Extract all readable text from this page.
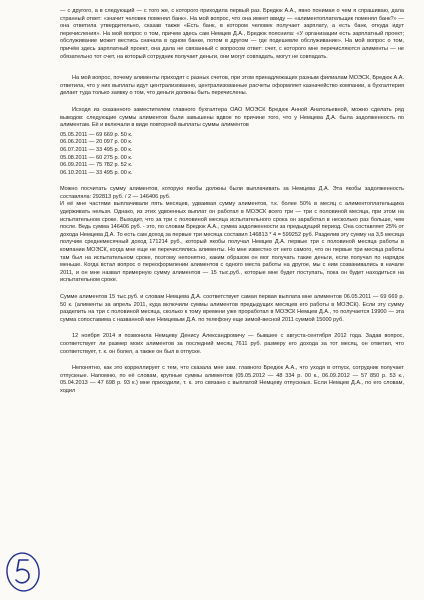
— с другого, а в следующий — с того же, с которого приходила первый раз. Бредюк А.А., явно понимая о чем я спрашиваю, дала странный ответ: «значит человек поменял банк». На мой вопрос, что она имеет ввиду — «алиментоплательщик поменял банк?» — она ответила утвердительно, сказав также «Есть банк, в котором человек получает зарплату, а есть банк, откуда идут перечисления». На мой вопрос о том, причем здесь сам Немцев Д.А., Бредюк пояснила: «У организации есть зарплатный проект; обслуживание может вестись сначала в одном банке, потом в другом — где подешевле обслуживание». На мой вопрос о том, причём здесь зарплатный проект, она дала не связанный с вопросом ответ: счет, с которого мне перечисляются алименты — не обязательно тот счет, на который сотрудник получает деньги, они могут совпадать, могут не совпадать.

На мой вопрос, почему алименты приходят с разных счетов, при этом принадлежащих разным филиалам МОЭСК, Бредюк А.А. ответила, что у них выплаты идут централизованно, централизованные расчеты оформляет казначейство компании, а бухгалтерия делает туда только заявку о том, что деньги должны быть перечислены.

Исходя из сказанного заместителем главного бухгалтера ОАО МОЭСК Бредюк Анной Анатольевной, можно сделать ряд выводов: следующие суммы алиментов были завышены вдвое по причине того, что у Немцева Д.А. была задолженность по алиментам. Её и включали в виде повторной выплаты суммы алиментов

05.05.2011 — 69 669 р. 50 к.
06.06.2011 — 20 097 р. 00 к.
06.07.2011 — 33 495 р. 00 к.
05.08.2011 — 60 275 р. 00 к.
06.09.2011 — 75 782 р. 52 к.
06.10.2011 — 33 495 р. 00 к.

Можно посчитать сумму алиментов, которую якобы должны были выплачивать за Немцева Д.А. Эта якобы задолженность составляла: 292813 руб. / 2 — 146406 руб.

И её мне частями выплачивали пять месяцев, удваивая сумму алиментов, т.к. более 50% в месяц с алиментоплательщика удерживать нельзя. Однако, из этих удвоенных выплат он работал в МОЭСК всего три — три с половиной месяца, при этом на испытательном сроке. Выходит, что за три с половиной месяца испытательного срока он заработал в несколько раз больше, чем после. Ведь сумма 146406 руб. - это, по словам Бредюк А.А., сумма задолженности за предыдущий период. Она составляет 25% от дохода Немцева Д.А. То есть сам доход за первые три месяца составил 146813 * 4 = 599252 руб. Разделив эту сумму на 3,5 месяца получим среднемесячный доход 171214 руб., который якобы получал Немцев Д.А. первые три с половиной месяца работы в компании МОЭСК, когда мне еще не перечислялись алименты. Но мне известно от него самого, что он первые три месяца работы там был на испытательном сроке, поэтому непонятно, каким образом он мог получать такие деньги, если получал по нарядок меньше. Когда встал вопрос о переоформлении алиментов с одного места работы на другое, мы с ним созванивались в начале 2011, и он мне назвал примерную сумму алиментов — 15 тыс.руб., которые мне будет поступать, пока он будет находиться на испытательном сроке.

Сумме алиментов 15 тыс.руб. и словам Немцева Д.А. соответствует самая первая выплата мне алиментов 06.05.2011 — 69 669 р. 50 к. (алименты за апрель 2011, куда включили суммы алиментов предыдущих месяцев его работы в МОЭСК). Если эту сумму разделить на три с половиной месяца, сколько к тому времени уже проработал в МОЭСК Немцев Д.А., то получается 19900 — эта сумма сопоставима с названной мне Немцевым Д.А. по телефону еще зимой-весной 2011 суммой 15000 руб.

12 ноября 2014 я позвонила Немцеву Денису Александровичу — бывшее с августа-сентября 2012 года. Задав вопрос, соответствует ли размер моих алиментов за последний месяц 7611 руб. размеру его дохода за тот месяц, он ответил, что соответствует, т. к. он болел, а также он был в отпуске.

Непонятно, как это корреллирует с тем, что сказала мне зам. главного Бредюк А.А., что уходя в отпуск, сотрудник получает отпускные. Напомню, по её словам, крупные суммы алиментов (05.05.2012 — 48 334 р. 00 к., 06.09.2012 — 57 850 р. 53 к., 05.04.2013 — 47 698 р. 93 к.) мне приходили, т. к. это связано с выплатой Немцеву отпускных. Если Немцев Д.А., по его словам, ходил
